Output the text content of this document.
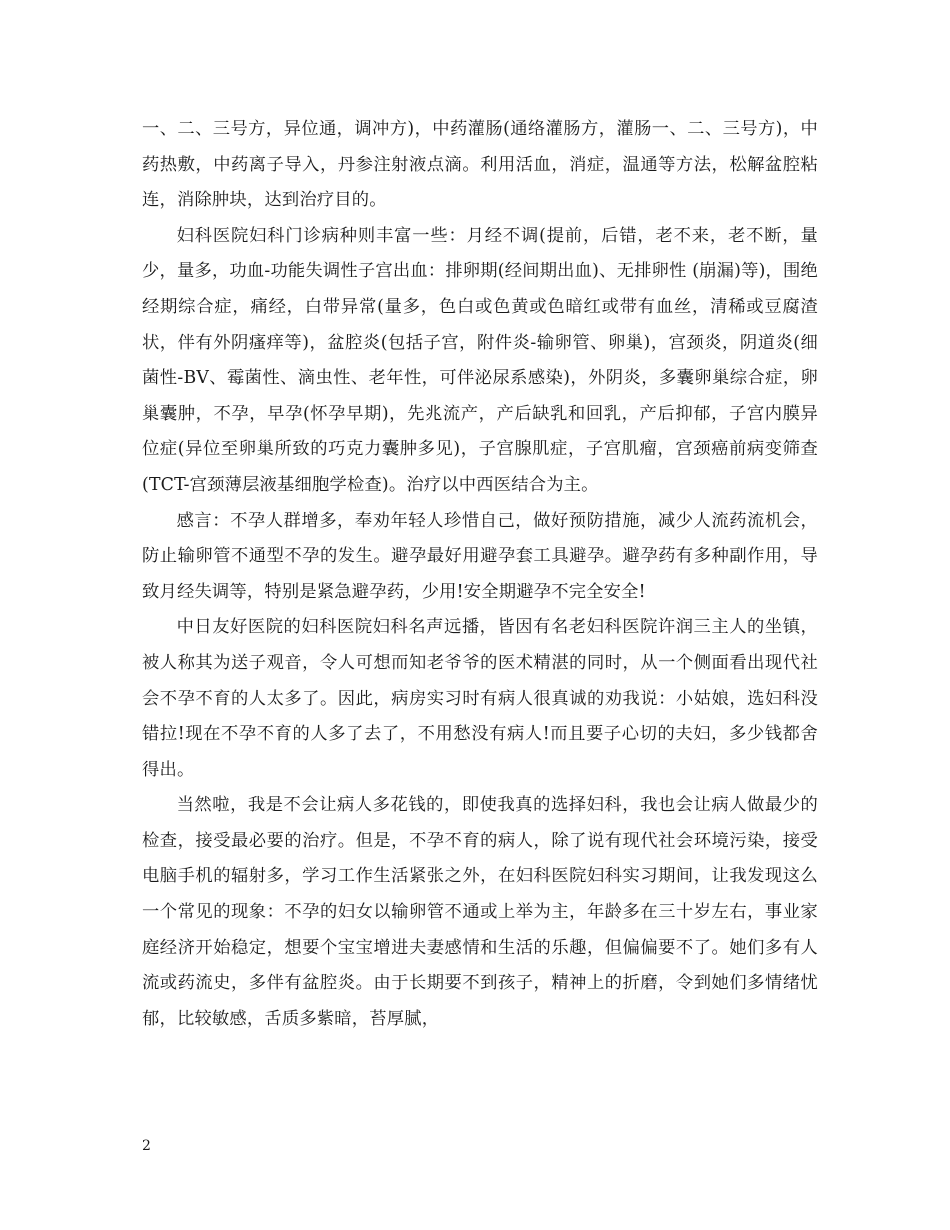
一、二、三号方，异位通，调冲方)，中药灌肠(通络灌肠方，灌肠一、二、三号方)，中药热敷，中药离子导入，丹参注射液点滴。利用活血，消症，温通等方法，松解盆腔粘连，消除肿块，达到治疗目的。

妇科医院妇科门诊病种则丰富一些：月经不调(提前，后错，老不来，老不断，量少，量多，功血-功能失调性子宫出血：排卵期(经间期出血)、无排卵性 (崩漏)等)，围绝经期综合症，痛经，白带异常(量多，色白或色黄或色暗红或带有血丝，清稀或豆腐渣状，伴有外阴瘙痒等)，盆腔炎(包括子宫，附件炎-输卵管、卵巢)，宫颈炎，阴道炎(细菌性-BV、霉菌性、滴虫性、老年性，可伴泌尿系感染)，外阴炎，多囊卵巢综合症，卵巢囊肿，不孕，早孕(怀孕早期)，先兆流产，产后缺乳和回乳，产后抑郁，子宫内膜异位症(异位至卵巢所致的巧克力囊肿多见)，子宫腺肌症，子宫肌瘤，宫颈癌前病变筛查(TCT-宫颈薄层液基细胞学检查)。治疗以中西医结合为主。

感言：不孕人群增多，奉劝年轻人珍惜自己，做好预防措施，减少人流药流机会，防止输卵管不通型不孕的发生。避孕最好用避孕套工具避孕。避孕药有多种副作用，导致月经失调等，特别是紧急避孕药，少用!安全期避孕不完全安全!

中日友好医院的妇科医院妇科名声远播，皆因有名老妇科医院许润三主人的坐镇，被人称其为送子观音，令人可想而知老爷爷的医术精湛的同时，从一个侧面看出现代社会不孕不育的人太多了。因此，病房实习时有病人很真诚的劝我说：小姑娘，选妇科没错拉!现在不孕不育的人多了去了，不用愁没有病人!而且要子心切的夫妇，多少钱都舍得出。

当然啦，我是不会让病人多花钱的，即使我真的选择妇科，我也会让病人做最少的检查，接受最必要的治疗。但是，不孕不育的病人，除了说有现代社会环境污染，接受电脑手机的辐射多，学习工作生活紧张之外，在妇科医院妇科实习期间，让我发现这么一个常见的现象：不孕的妇女以输卵管不通或上举为主，年龄多在三十岁左右，事业家庭经济开始稳定，想要个宝宝增进夫妻感情和生活的乐趣，但偏偏要不了。她们多有人流或药流史，多伴有盆腔炎。由于长期要不到孩子，精神上的折磨，令到她们多情绪忧郁，比较敏感，舌质多紫暗，苔厚腻，

2
